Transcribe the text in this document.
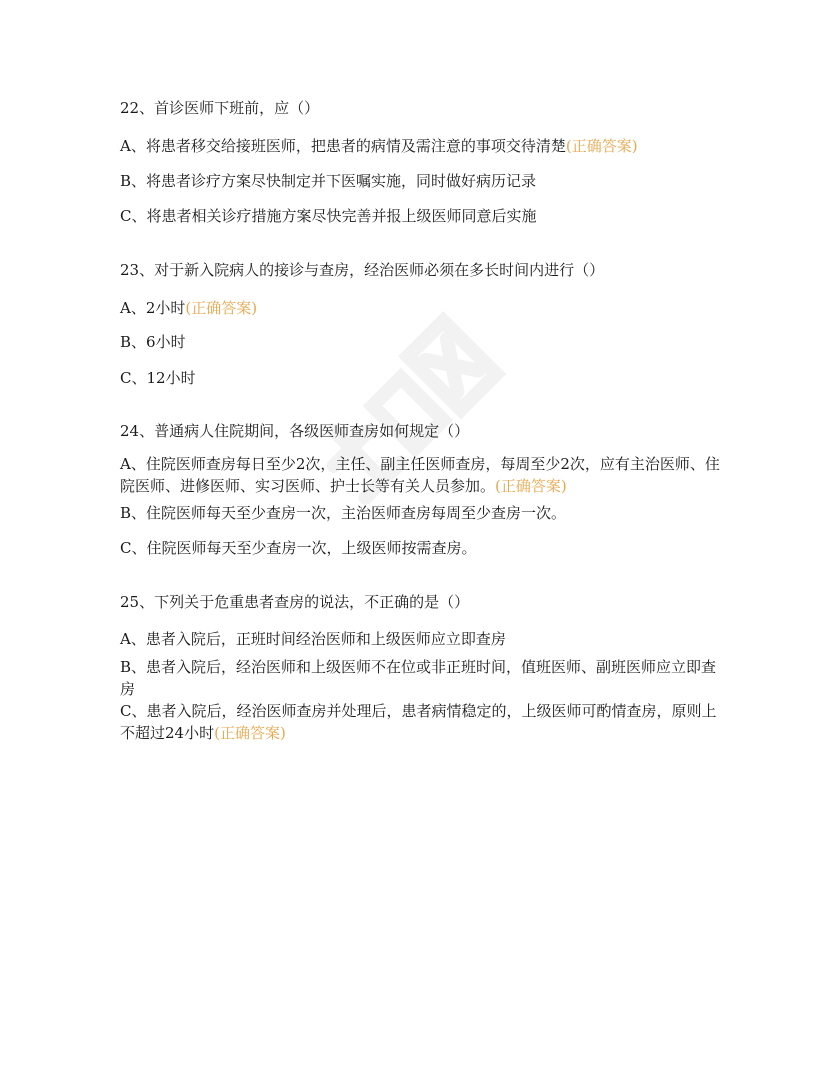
22、首诊医师下班前，应（）
A、将患者移交给接班医师，把患者的病情及需注意的事项交待清楚(正确答案)
B、将患者诊疗方案尽快制定并下医嘱实施，同时做好病历记录
C、将患者相关诊疗措施方案尽快完善并报上级医师同意后实施
23、对于新入院病人的接诊与查房，经治医师必须在多长时间内进行（）
A、2小时(正确答案)
B、6小时
C、12小时
24、普通病人住院期间，各级医师查房如何规定（）
A、住院医师查房每日至少2次，主任、副主任医师查房，每周至少2次，应有主治医师、住院医师、进修医师、实习医师、护士长等有关人员参加。(正确答案)
B、住院医师每天至少查房一次，主治医师查房每周至少查房一次。
C、住院医师每天至少查房一次，上级医师按需查房。
25、下列关于危重患者查房的说法，不正确的是（）
A、患者入院后，正班时间经治医师和上级医师应立即查房
B、患者入院后，经治医师和上级医师不在位或非正班时间，值班医师、副班医师应立即查房
C、患者入院后，经治医师查房并处理后，患者病情稳定的，上级医师可酌情查房，原则上不超过24小时(正确答案)
